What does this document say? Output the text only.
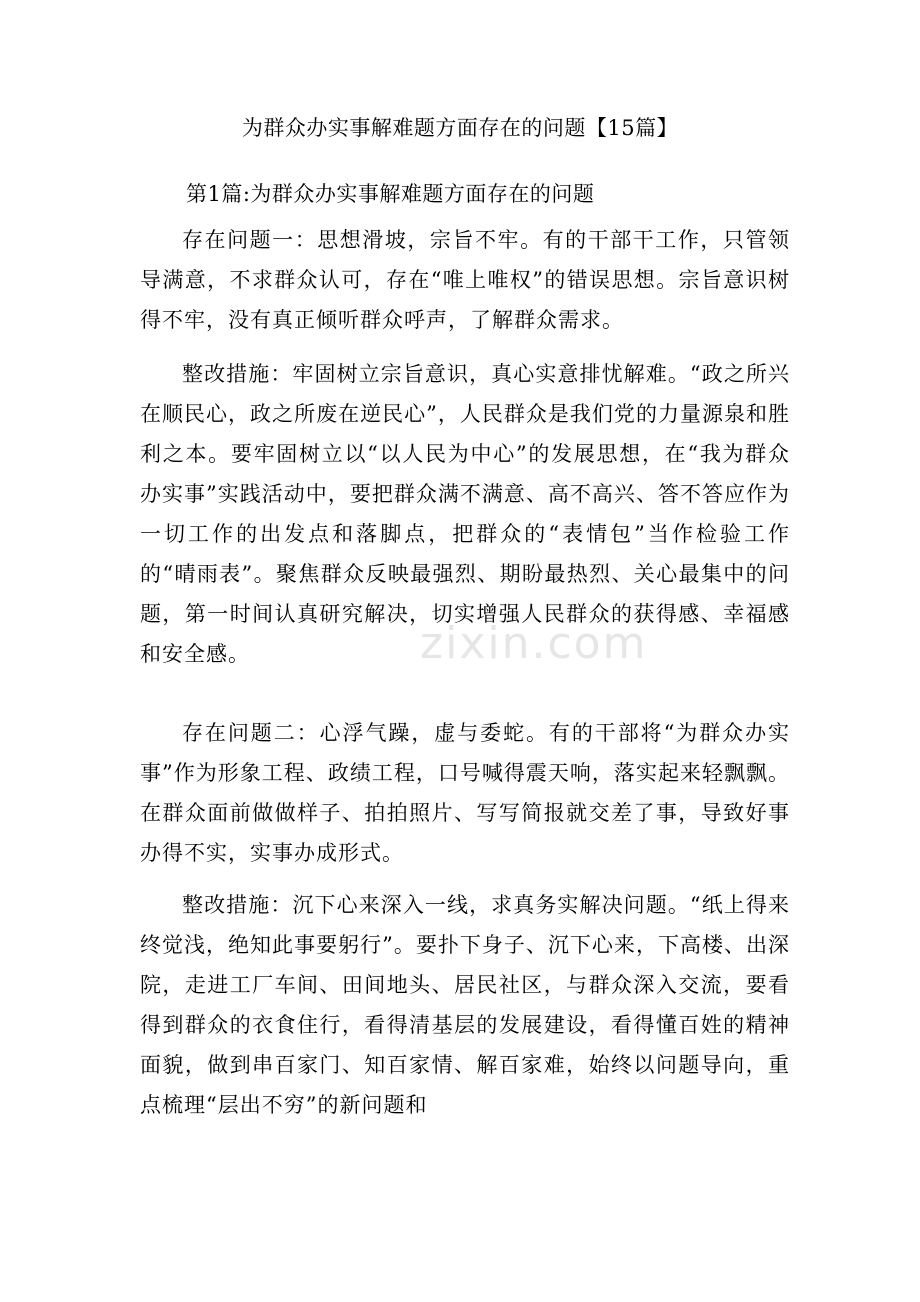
为群众办实事解难题方面存在的问题【15篇】
第1篇:为群众办实事解难题方面存在的问题
存在问题一：思想滑坡，宗旨不牢。有的干部干工作，只管领导满意，不求群众认可，存在“唯上唯权”的错误思想。宗旨意识树得不牢，没有真正倾听群众呼声，了解群众需求。
整改措施：牢固树立宗旨意识，真心实意排忧解难。“政之所兴在顺民心，政之所废在逆民心”，人民群众是我们党的力量源泉和胜利之本。要牢固树立以“以人民为中心”的发展思想，在“我为群众办实事”实践活动中，要把群众满不满意、高不高兴、答不答应作为一切工作的出发点和落脚点，把群众的“表情包”当作检验工作的“晴雨表”。聚焦群众反映最强烈、期盼最热烈、关心最集中的问题，第一时间认真研究解决，切实增强人民群众的获得感、幸福感和安全感。
存在问题二：心浮气躁，虚与委蛇。有的干部将“为群众办实事”作为形象工程、政绩工程，口号喊得震天响，落实起来轻飘飘。在群众面前做做样子、拍拍照片、写写简报就交差了事，导致好事办得不实，实事办成形式。
整改措施：沉下心来深入一线，求真务实解决问题。“纸上得来终觉浅，绝知此事要躬行”。要扑下身子、沉下心来，下高楼、出深院，走进工厂车间、田间地头、居民社区，与群众深入交流，要看得到群众的衣食住行，看得清基层的发展建设，看得懂百姓的精神面貌，做到串百家门、知百家情、解百家难，始终以问题导向，重点梳理“层出不穷”的新问题和
zixin.com
